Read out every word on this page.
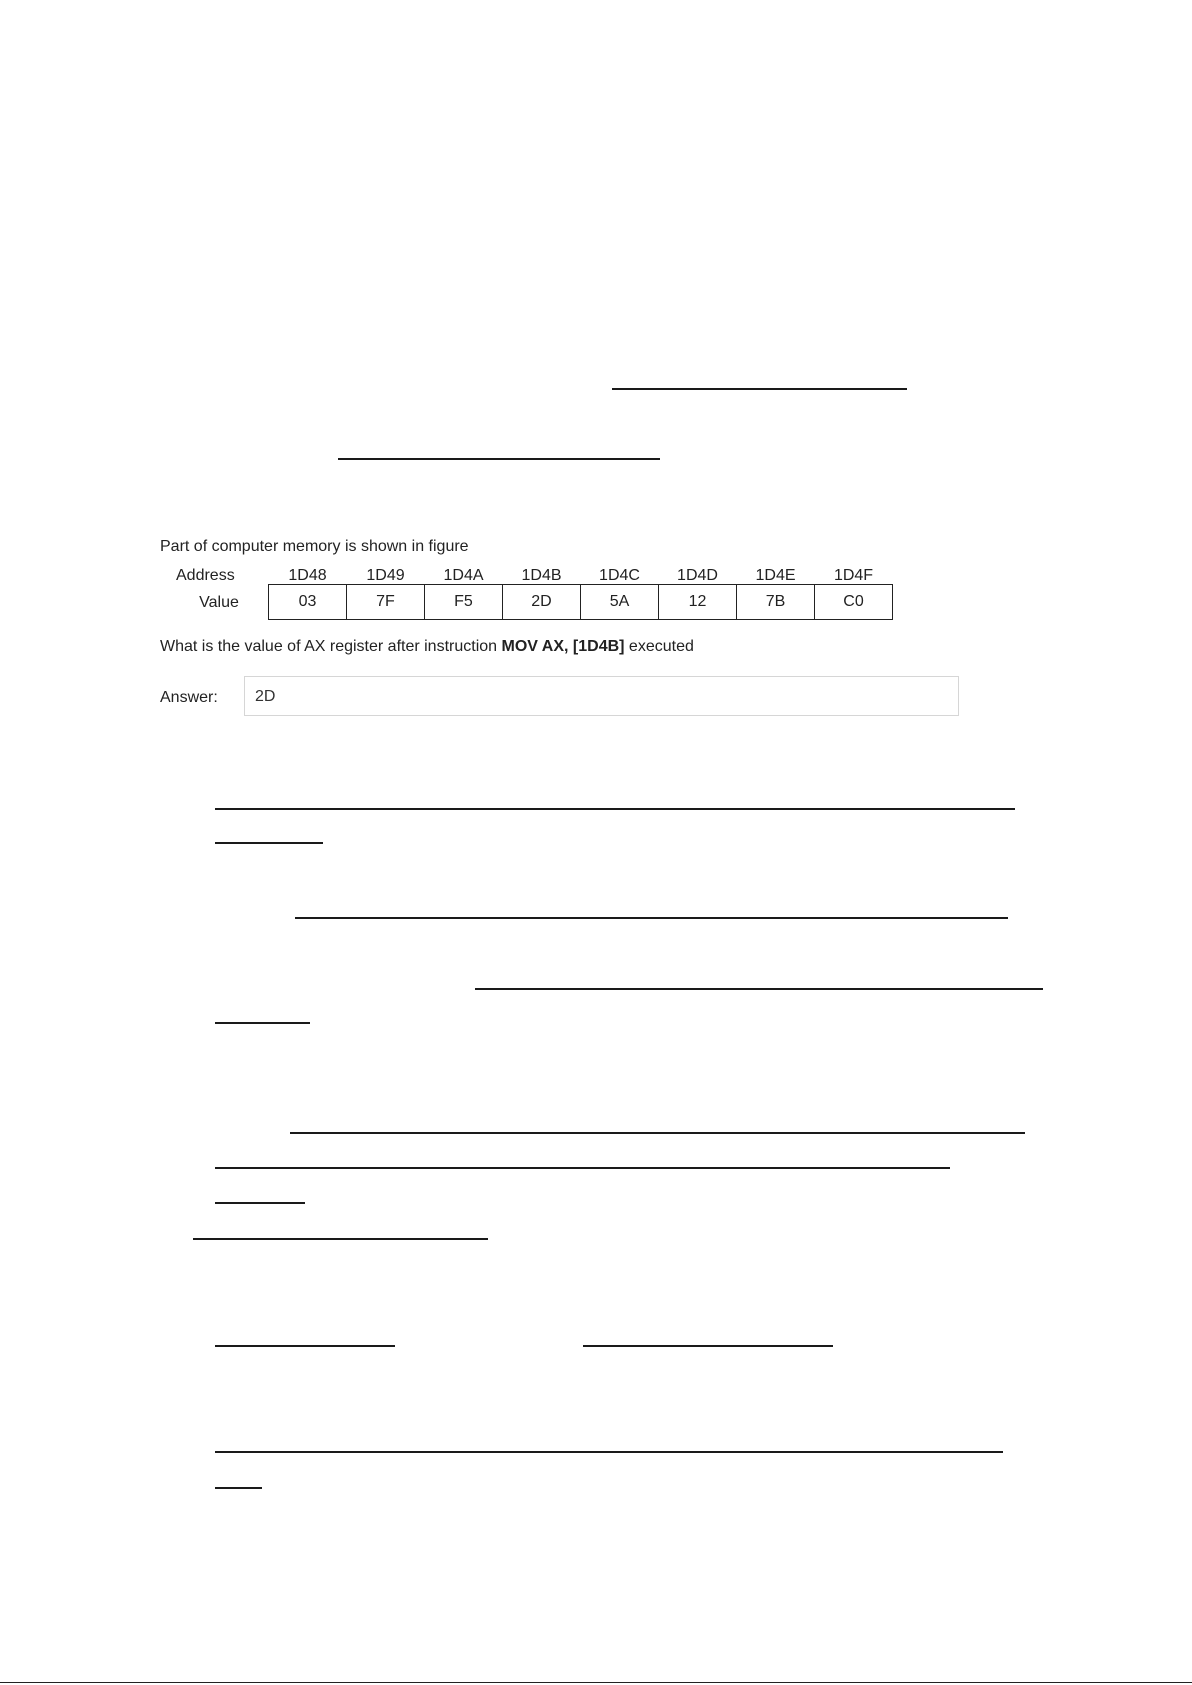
Part of computer memory is shown in figure
Address	1D48	1D49	1D4A	1D4B	1D4C	1D4D	1D4E	1D4F
Value	03	7F	F5	2D	5A	12	7B	C0
What is the value of AX register after instruction MOV AX, [1D4B] executed
Answer:	2D
